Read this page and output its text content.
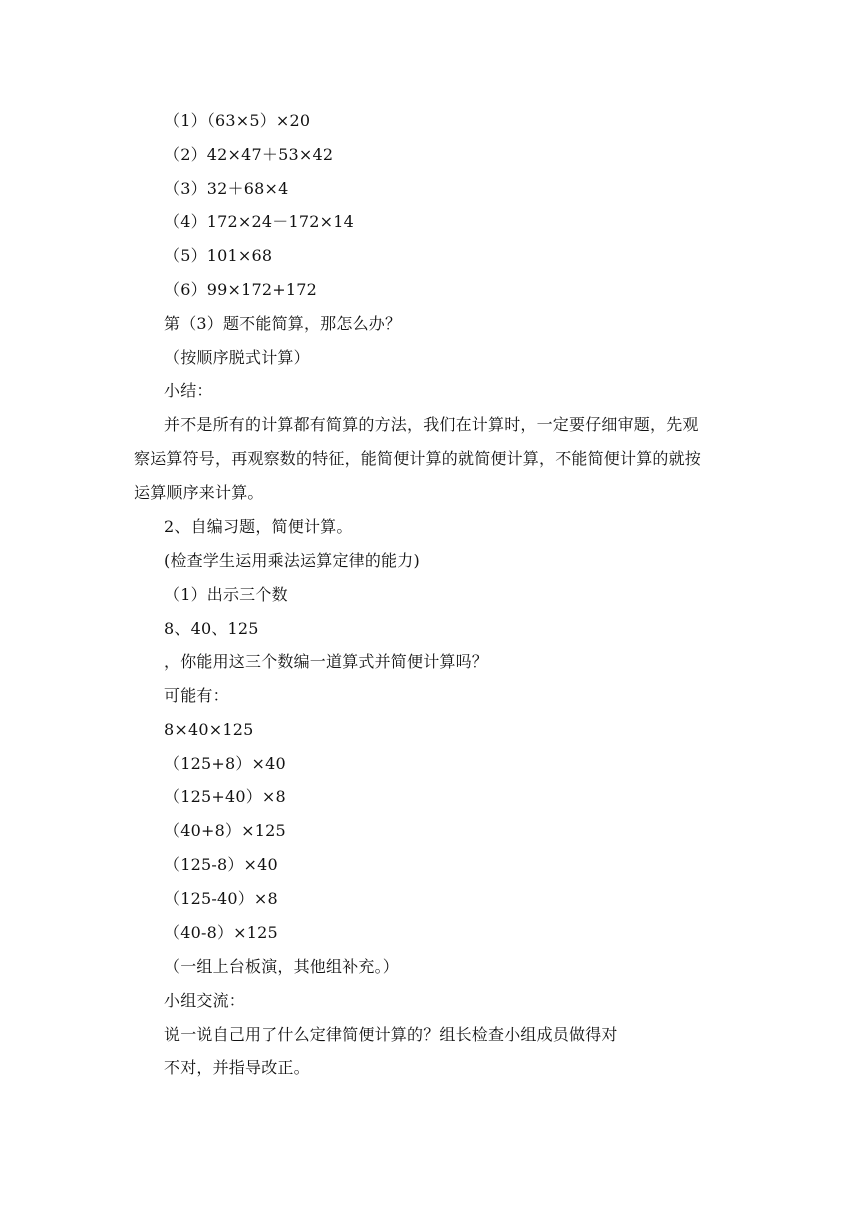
（1）（63×5）×20
（2）42×47＋53×42
（3）32＋68×4
（4）172×24－172×14
（5）101×68
（6）99×172+172
第（3）题不能简算，那怎么办？
（按顺序脱式计算）
小结：
并不是所有的计算都有简算的方法，我们在计算时，一定要仔细审题，先观
察运算符号，再观察数的特征，能简便计算的就简便计算，不能简便计算的就按
运算顺序来计算。
2、自编习题，简便计算。
(检查学生运用乘法运算定律的能力)
（1）出示三个数
8、40、125
，你能用这三个数编一道算式并简便计算吗？
可能有：
8×40×125
（125+8）×40
（125+40）×8
（40+8）×125
（125-8）×40
（125-40）×8
（40-8）×125
（一组上台板演，其他组补充。）
小组交流：
说一说自己用了什么定律简便计算的？组长检查小组成员做得对
不对，并指导改正。
